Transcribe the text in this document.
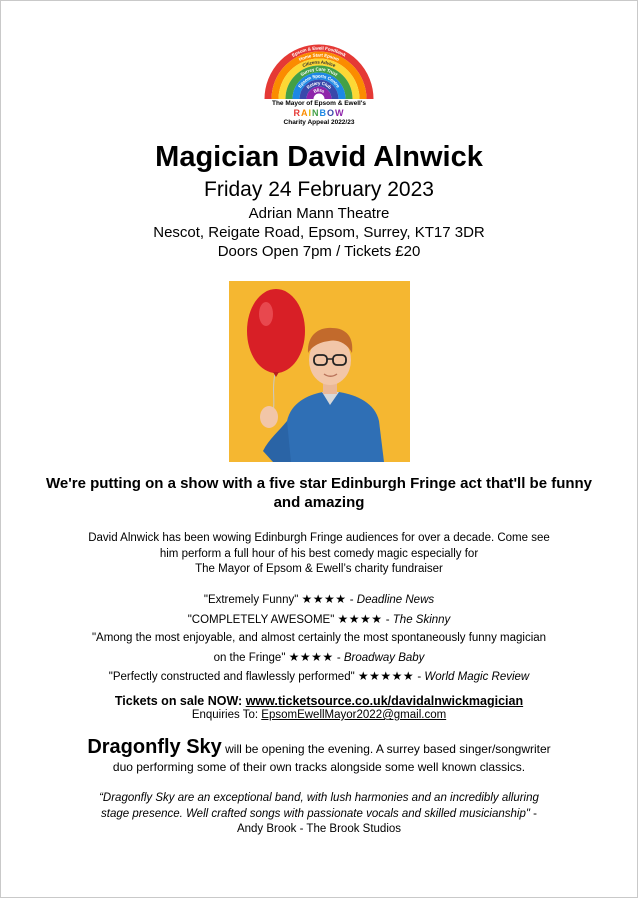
Epsom & Ewell Foodbank
Home Start Epsom
Citizens Advice
Surrey Care Trust
Epsom Sports Centre
Rotary Club
Bliss
The Mayor of Epsom & Ewell's
RAINBOW
Charity Appeal 2022/23
Magician David Alnwick
Friday 24 February 2023
Adrian Mann Theatre
Nescot, Reigate Road, Epsom, Surrey, KT17 3DR
Doors Open 7pm / Tickets £20
We're putting on a show with a five star Edinburgh Fringe act that'll be funny and amazing
David Alnwick has been wowing Edinburgh Fringe audiences for over a decade. Come see
him perform a full hour of his best comedy magic especially for
The Mayor of Epsom & Ewell’s charity fundraiser
"Extremely Funny" ★★★★ - Deadline News
"COMPLETELY AWESOME" ★★★★ - The Skinny
"Among the most enjoyable, and almost certainly the most spontaneously funny magician
on the Fringe" ★★★★ - Broadway Baby
"Perfectly constructed and flawlessly performed" ★★★★★ - World Magic Review
Tickets on sale NOW: www.ticketsource.co.uk/davidalnwickmagician
Enquiries To: EpsomEwellMayor2022@gmail.com
Dragonfly Sky will be opening the evening. A surrey based singer/songwriter
duo performing some of their own tracks alongside some well known classics.
“Dragonfly Sky are an exceptional band, with lush harmonies and an incredibly alluring
stage presence. Well crafted songs with passionate vocals and skilled musicianship" -
Andy Brook - The Brook Studios
